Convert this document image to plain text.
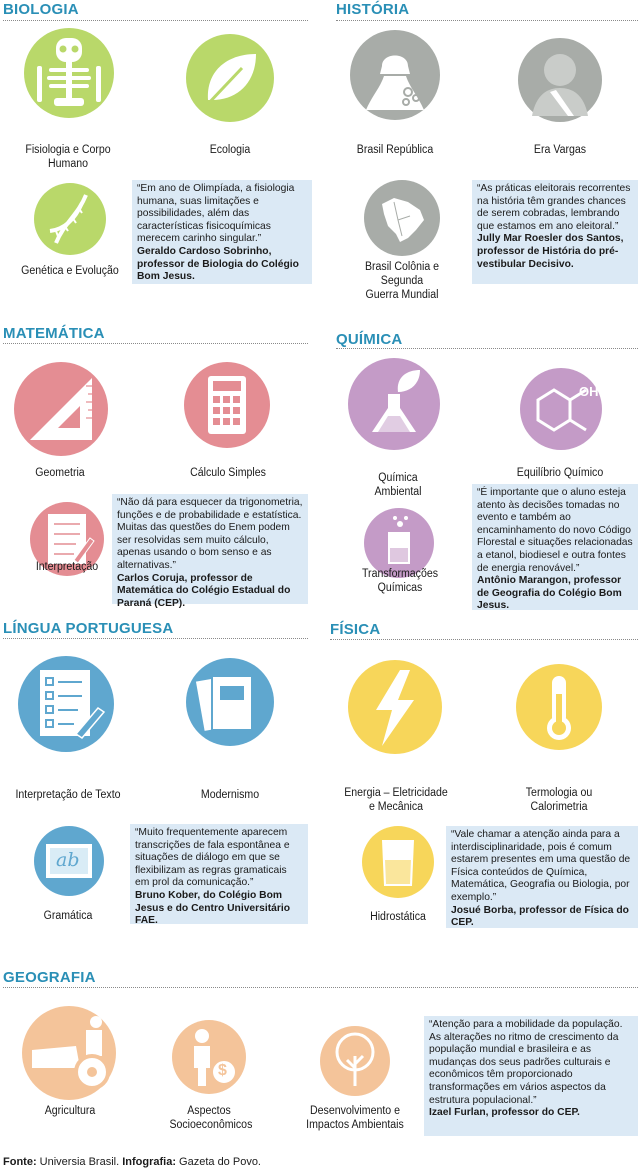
BIOLOGIA
Fisiologia e Corpo Humano
Ecologia
Genética e Evolução
“Em ano de Olimpíada, a fisiologia humana, suas limitações e possibilidades, além das características fisicoquímicas merecem carinho singular.”
Geraldo Cardoso Sobrinho, professor de Biologia do Colégio Bom Jesus.
HISTÓRIA
Brasil República	Era Vargas
Brasil Colônia e Segunda
Guerra Mundial
“As práticas eleitorais recorrentes na história têm grandes chances de serem cobradas, lembrando que estamos em ano eleitoral.”
Jully Mar Roesler dos Santos, professor de História do pré-vestibular Decisivo.
MATEMÁTICA
Geometria	Cálculo Simples
Interpretação
“Não dá para esquecer da trigonometria, funções e de probabilidade e estatística. Muitas das questões do Enem podem ser resolvidas sem muito cálculo, apenas usando o bom senso e as alternativas.”
Carlos Coruja, professor de Matemática do Colégio Estadual do Paraná (CEP).
QUÍMICA
Química Ambiental
OH
Equilíbrio Químico
Transformações Químicas
“É importante que o aluno esteja atento às decisões tomadas no evento e também ao encaminhamento do novo Código Florestal e situações relacionadas a etanol, biodiesel e outra fontes de energia renovável.”
Antônio Marangon, professor de Geografia do Colégio Bom Jesus.
LÍNGUA PORTUGUESA
Interpretação de Texto	Modernismo
ab
Gramática
“Muito frequentemente aparecem transcrições de fala espontânea e situações de diálogo em que se flexibilizam as regras gramaticais em prol da comunicação.”
Bruno Kober, do Colégio Bom Jesus e do Centro Universitário FAE.
FÍSICA
Energia – Eletricidade
e Mecânica
Termologia ou
Calorimetria
Hidrostática
“Vale chamar a atenção ainda para a interdisciplinaridade, pois é comum estarem presentes em uma questão de Física conteúdos de Química, Matemática, Geografia ou Biologia, por exemplo.”
Josué Borba, professor de Física do CEP.
GEOGRAFIA
Agricultura
$
Aspectos
Socioeconômicos
Desenvolvimento e
Impactos Ambientais
“Atenção para a mobilidade da população. As alterações no ritmo de crescimento da população mundial e brasileira e as mudanças dos seus padrões culturais e econômicos têm proporcionado transformações em vários aspectos da estrutura populacional.”
Izael Furlan, professor do CEP.
Fonte: Universia Brasil. Infografia: Gazeta do Povo.
